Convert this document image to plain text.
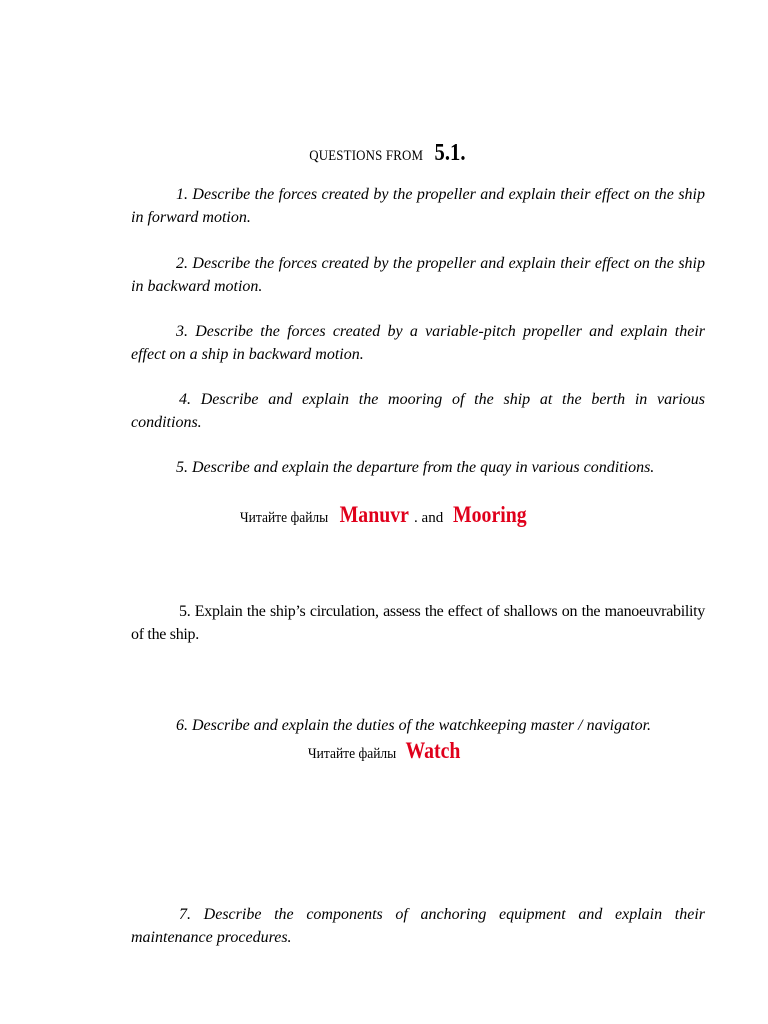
QUESTIONS FROM5.1.
1. Describe the forces created by the propeller and explain their effect on the ship in forward motion.
2. Describe the forces created by the propeller and explain their effect on the ship in backward motion.
3. Describe the forces created by a variable-pitch propeller and explain their effect on a ship in backward motion.
4. Describe and explain the mooring of the ship at the berth in various conditions.
5. Describe and explain the departure from the quay in various conditions.
Читайте файлыManuvr . and Mooring
5. Explain the ship’s circulation, assess the effect of shallows on the manoeuvrability of the ship.
6. Describe and explain the duties of the watchkeeping master / navigator.
Читайте файлыWatch
7. Describe the components of anchoring equipment and explain their maintenance procedures.
